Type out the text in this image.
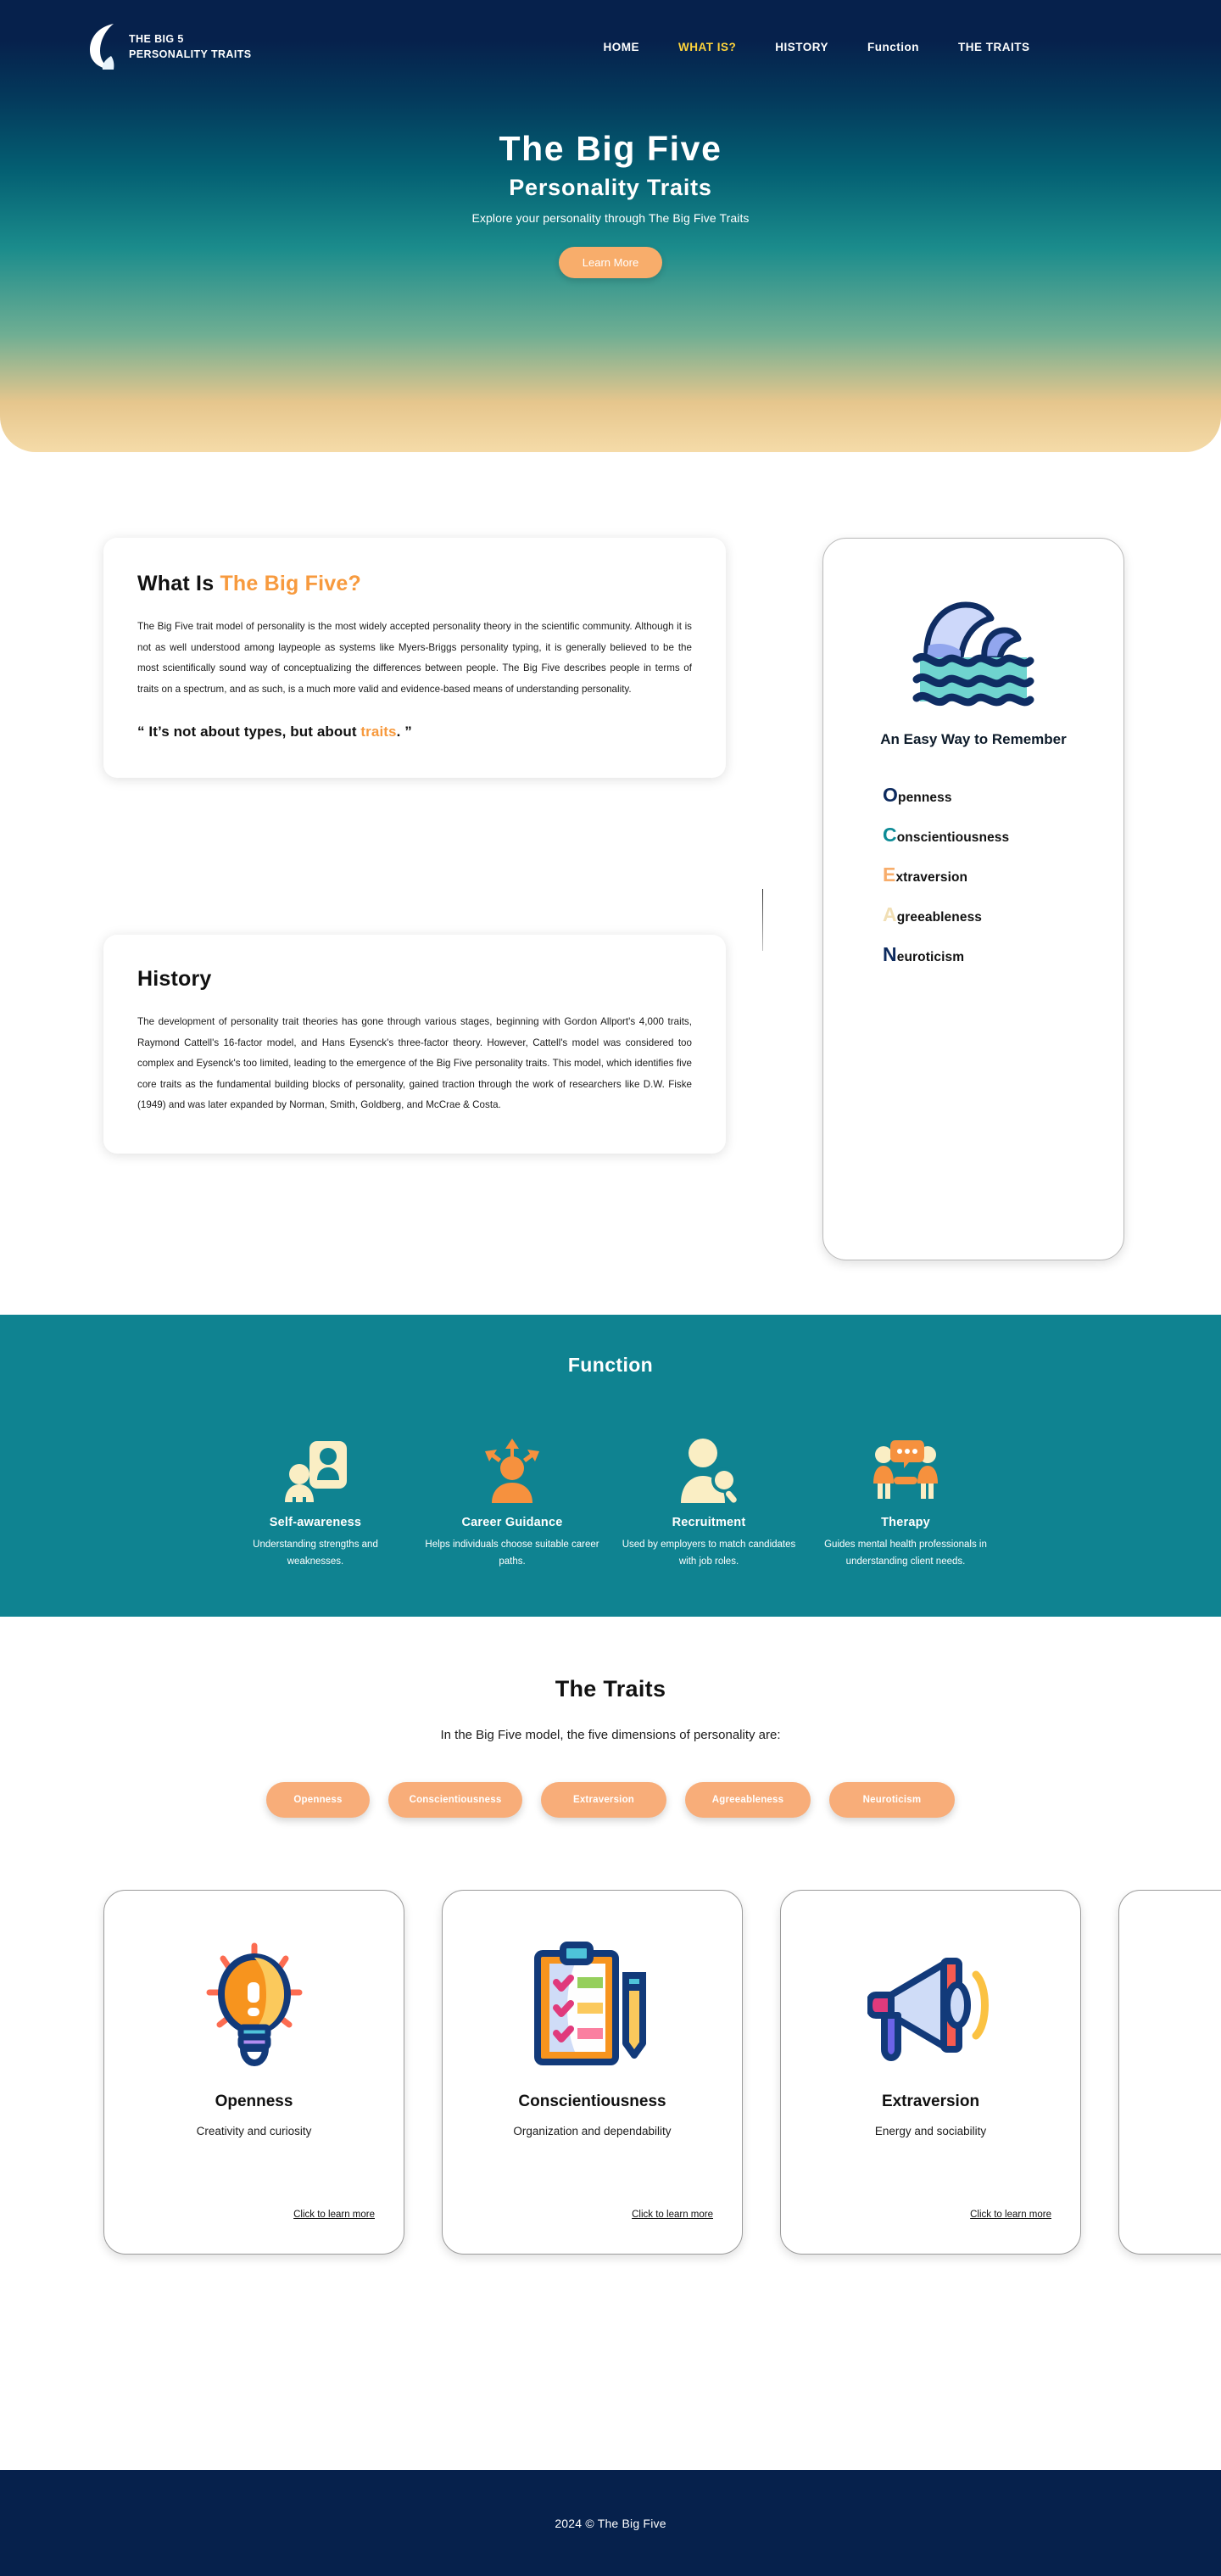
THE BIG 5
PERSONALITY TRAITS
HOME	WHAT IS?	HISTORY	Function	THE TRAITS
The Big Five
Personality Traits
Explore your personality through The Big Five Traits
Learn More
What Is The Big Five?

The Big Five trait model of personality is the most widely accepted personality theory in the scientific community. Although it is not as well understood among laypeople as systems like Myers-Briggs personality typing, it is generally believed to be the most scientifically sound way of conceptualizing the differences between people. The Big Five describes people in terms of traits on a spectrum, and as such, is a much more valid and evidence-based means of understanding personality.

“ It’s not about types, but about traits. ”

History

The development of personality trait theories has gone through various stages, beginning with Gordon Allport's 4,000 traits, Raymond Cattell's 16-factor model, and Hans Eysenck's three-factor theory. However, Cattell's model was considered too complex and Eysenck's too limited, leading to the emergence of the Big Five personality traits. This model, which identifies five core traits as the fundamental building blocks of personality, gained traction through the work of researchers like D.W. Fiske (1949) and was later expanded by Norman, Smith, Goldberg, and McCrae & Costa.

An Easy Way to Remember
Openness
Conscientiousness
Extraversion
Agreeableness
Neuroticism
Function
Self-awareness
Understanding strengths and weaknesses.
Career Guidance
Helps individuals choose suitable career paths.
Recruitment
Used by employers to match candidates with job roles.
Therapy
Guides mental health professionals in understanding client needs.
The Traits

In the Big Five model, the five dimensions of personality are:

Openness	Conscientiousness	Extraversion	Agreeableness	Neuroticism
Openness
Creativity and curiosity
Click to learn more
Conscientiousness
Organization and dependability
Click to learn more
Extraversion
Energy and sociability
Click to learn more
2024 © The Big Five
